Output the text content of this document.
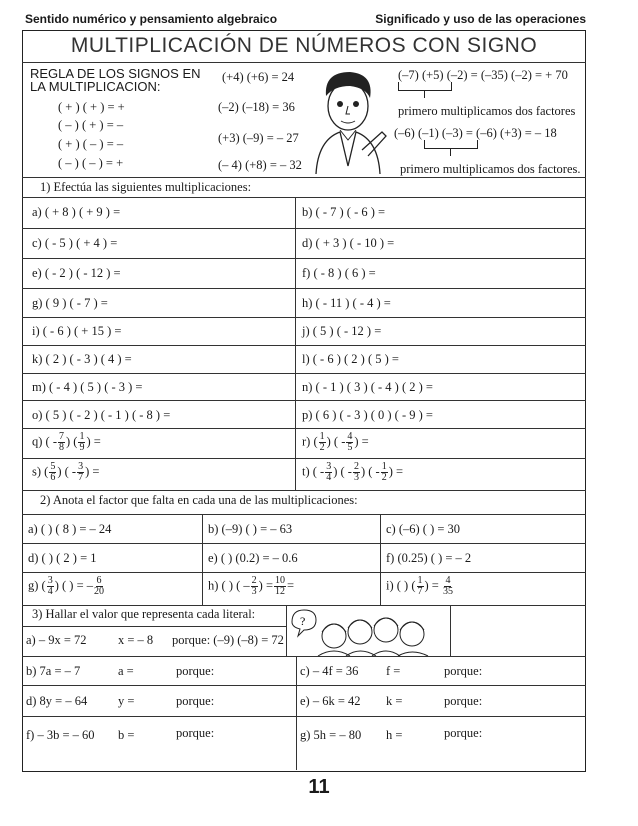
Sentido numérico y pensamiento algebraico	Significado y uso de las operaciones
MULTIPLICACIÓN DE NÚMEROS CON SIGNO
REGLA DE LOS SIGNOS EN
LA MULTIPLICACION:
( + ) ( + ) = +
( – ) ( + ) = –
( + ) ( – ) = –
( – ) ( – ) = +
(+4) (+6) = 24
(–2) (–18) = 36
(+3) (–9) = – 27
(– 4) (+8) = – 32
(–7) (+5) (–2) = (–35) (–2) = + 70
primero multiplicamos dos factores
(–6) (–1) (–3) = (–6) (+3) = – 18
primero multiplicamos dos factores.
1) Efectúa las siguientes multiplicaciones:
a) ( + 8 ) ( + 9 ) =	b) ( - 7 ) ( - 6 ) =
c) ( - 5 ) ( + 4 ) =	d) ( + 3 ) ( - 10 ) =
e) ( - 2 ) ( - 12 ) =	f) ( - 8 ) ( 6 ) =
g) ( 9 ) ( - 7 ) =	h) ( - 11 ) ( - 4 ) =
i) ( - 6 ) ( + 15 ) =	j) ( 5 ) ( - 12 ) =
k) ( 2 ) ( - 3 ) ( 4 ) =	l) ( - 6 ) ( 2 ) ( 5 ) =
m) ( - 4 ) ( 5 ) ( - 3 ) =	n) ( - 1 ) ( 3 ) ( - 4 ) ( 2 ) =
o) ( 5 ) ( - 2 ) ( - 1 ) ( - 8 ) =	p) ( 6 ) ( - 3 ) ( 0 ) ( - 9 ) =
q) ( - $\frac{7}{8}$ ) ( $\frac{1}{9}$ ) =	r) ( $\frac{1}{2}$ ) ( - $\frac{4}{5}$ ) =
s) ( $\frac{5}{6}$ ) ( - $\frac{3}{7}$ ) =	t) ( - $\frac{3}{4}$ ) ( - $\frac{2}{3}$ ) ( - $\frac{1}{2}$ ) =
2) Anota el factor que falta en cada una de las multiplicaciones:
a) ( ) ( 8 ) = – 24	b) (–9) ( ) = – 63	c) (–6) ( ) = 30
d) ( ) ( 2 ) = 1	e) ( ) (0.2) = – 0.6	f) (0.25) ( ) = – 2
g) ( $\frac{3}{4}$ ) ( ) = – $\frac{6}{20}$	h) ( ) ( – $\frac{2}{3}$ ) = $\frac{10}{12}$ =	i) ( ) ( $\frac{1}{7}$ ) = $\frac{4}{35}$
3) Hallar el valor que representa cada literal:	?
a) – 9x = 72	x = – 8 porque: (–9) (–8) = 72
b) 7a = – 7	a =	porque:	c) – 4f = 36 f =	porque:
d) 8y = – 64 y =	porque:	e) – 6k = 42 k =	porque:
f) – 3b = – 60 b =	porque:	g) 5h = – 80 h =	porque:
11
